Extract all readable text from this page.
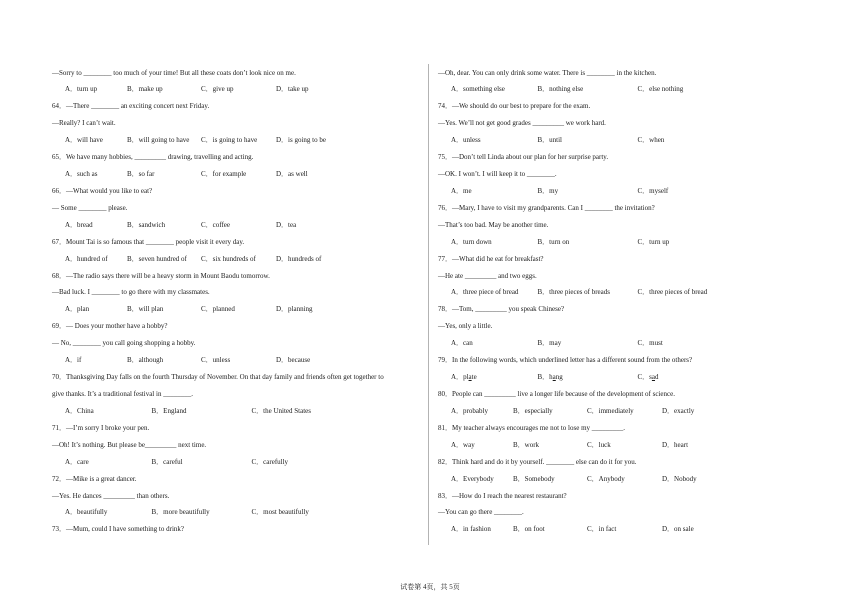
—Sorry to ________ too much of your time! But all these coats don’t look nice on me.
A．turn up	B．make up	C．give up	D．take up
64．—There ________ an exciting concert next Friday.
—Really? I can’t wait.
A．will have	B．will going to have C．is going to have	D．is going to be
65．We have many hobbies, _________ drawing, travelling and acting.
A．such as	B．so far	C．for example	D．as well
66．—What would you like to eat?
— Some ________ please.
A．bread	B．sandwich	C．coffee	D．tea
67．Mount Tai is so famous that ________ people visit it every day.
A．hundred of	B．seven hundred of C．six hundreds of	D．hundreds of
68．—The radio says there will be a heavy storm in Mount Baodu tomorrow.
—Bad luck. I ________ to go there with my classmates.
A．plan	B．will plan	C．planned	D．planning
69．— Does your mother have a hobby?
— No, ________ you call going shopping a hobby.
A．if	B．although	C．unless	D．because
70．Thanksgiving Day falls on the fourth Thursday of November. On that day family and friends often get together to
give thanks. It’s a traditional festival in ________.
A．China	B．England	C．the United States
71．—I’m sorry I broke your pen.
—Oh! It’s nothing. But please be_________ next time.
A．care	B．careful	C．carefully
72．—Mike is a great dancer.
—Yes. He dances _________ than others.
A．beautifully	B．more beautifully	C．most beautifully
73．—Mum, could I have something to drink?
—Oh, dear. You can only drink some water. There is ________ in the kitchen.
A．something else	B．nothing else	C．else nothing
74．—We should do our best to prepare for the exam.
—Yes. We’ll not get good grades _________ we work hard.
A．unless	B．until	C．when
75．—Don’t tell Linda about our plan for her surprise party.
—OK. I won’t. I will keep it to ________.
A．me	B．my	C．myself
76．—Mary, I have to visit my grandparents. Can I ________ the invitation?
—That’s too bad. May be another time.
A．turn down	B．turn on	C．turn up
77．—What did he eat for breakfast?
—He ate _________ and two eggs.
A．three piece of bread	B．three pieces of breads	C．three pieces of bread
78．—Tom, _________ you speak Chinese?
—Yes, only a little.
A．can	B．may	C．must
79．In the following words, which underlined letter has a different sound from the others?
A．plate	B．hang	C．sad
80．People can _________ live a longer life because of the development of science.
A．probably	B．especially	C．immediately	D．exactly
81．My teacher always encourages me not to lose my _________.
A．way	B．work	C．luck	D．heart
82．Think hard and do it by yourself. ________ else can do it for you.
A．Everybody	B．Somebody	C．Anybody	D．Nobody
83．—How do I reach the nearest restaurant?
—You can go there ________.
A．in fashion	B．on foot	C．in fact	D．on sale
试卷第 4页，共 5页
